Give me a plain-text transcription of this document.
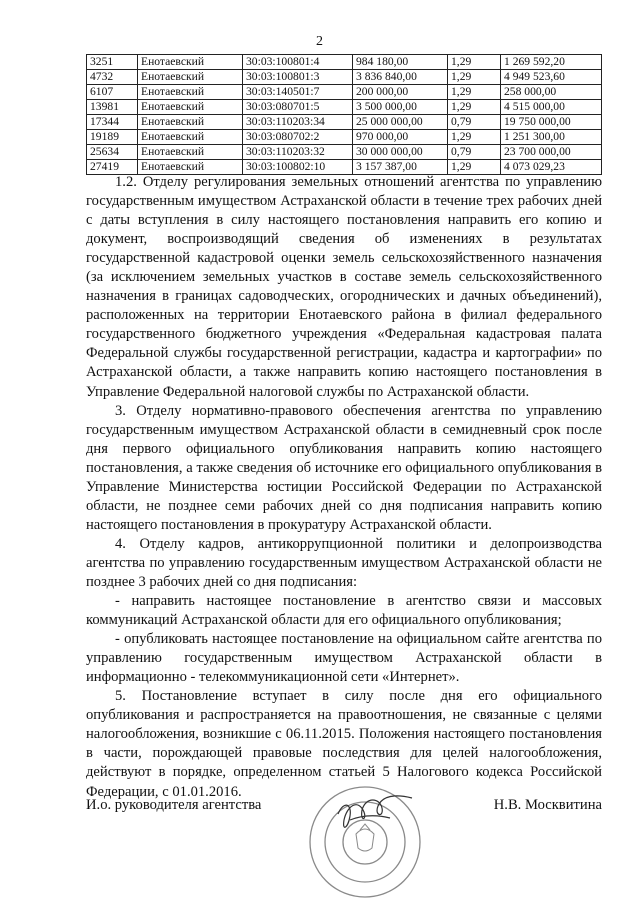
2
3251	Енотаевский	30:03:100801:4	984 180,00	1,29	1 269 592,20
4732	Енотаевский	30:03:100801:3	3 836 840,00	1,29	4 949 523,60
6107	Енотаевский	30:03:140501:7	200 000,00	1,29	258 000,00
13981	Енотаевский	30:03:080701:5	3 500 000,00	1,29	4 515 000,00
17344	Енотаевский	30:03:110203:34	25 000 000,00	0,79	19 750 000,00
19189	Енотаевский	30:03:080702:2	970 000,00	1,29	1 251 300,00
25634	Енотаевский	30:03:110203:32	30 000 000,00	0,79	23 700 000,00
27419	Енотаевский	30:03:100802:10	3 157 387,00	1,29	4 073 029,23

1.2. Отделу регулирования земельных отношений агентства по управлению государственным имуществом Астраханской области в течение трех рабочих дней с даты вступления в силу настоящего постановления направить его копию и документ, воспроизводящий сведения об изменениях в результатах государственной кадастровой оценки земель сельскохозяйственного назначения (за исключением земельных участков в составе земель сельскохозяйственного назначения в границах садоводческих, огороднических и дачных объединений), расположенных на территории Енотаевского района в филиал федерального государственного бюджетного учреждения «Федеральная кадастровая палата Федеральной службы государственной регистрации, кадастра и картографии» по Астраханской области, а также направить копию настоящего постановления в Управление Федеральной налоговой службы по Астраханской области.

3. Отделу нормативно-правового обеспечения агентства по управлению государственным имуществом Астраханской области в семидневный срок после дня первого официального опубликования направить копию настоящего постановления, а также сведения об источнике его официального опубликования в Управление Министерства юстиции Российской Федерации по Астраханской области, не позднее семи рабочих дней со дня подписания направить копию настоящего постановления в прокуратуру Астраханской области.

4. Отделу кадров, антикоррупционной политики и делопроизводства агентства по управлению государственным имуществом Астраханской области не позднее 3 рабочих дней со дня подписания:

- направить настоящее постановление в агентство связи и массовых коммуникаций Астраханской области для его официального опубликования;

- опубликовать настоящее постановление на официальном сайте агентства по управлению государственным имуществом Астраханской области в информационно - телекоммуникационной сети «Интернет».

5. Постановление вступает в силу после дня его официального опубликования и распространяется на правоотношения, не связанные с целями налогообложения, возникшие с 06.11.2015. Положения настоящего постановления в части, порождающей правовые последствия для целей налогообложения, действуют в порядке, определенном статьей 5 Налогового кодекса Российской Федерации, с 01.01.2016.

И.о. руководителя агентства	Н.В. Москвитина
